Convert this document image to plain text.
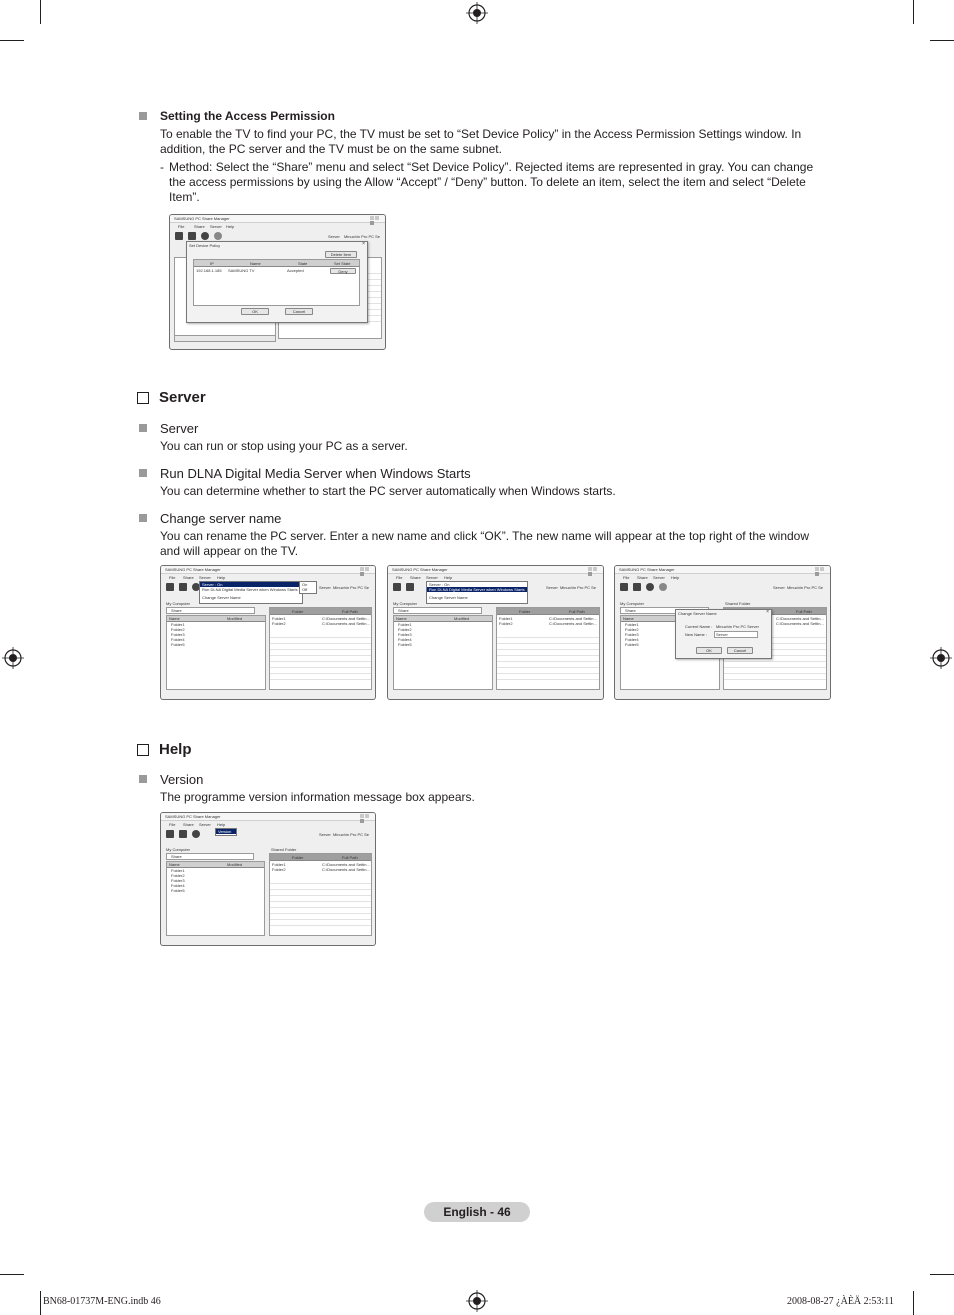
Setting the Access Permission
To enable the TV to find your PC, the TV must be set to “Set Device Policy” in the Access Permission Settings window. In
addition, the PC server and the TV must be on the same subnet.
- Method: Select the “Share” menu and select “Set Device Policy”. Rejected items are represented in gray. You can change
the access permissions by using the Allow “Accept” / “Deny” button. To delete an item, select the item and select “Delete
Item”.
SAMSUNG PC Share Manager
File Share Server Help
Server Minuchin Pro PC Se
Set Device Policy	×
Delete Item
IP	Name	State	Set State
192.168.1.185 SAMSUNG TV	Accepted	Deny
OK	Cancel
Server
Server
You can run or stop using your PC as a server.
Run DLNA Digital Media Server when Windows Starts
You can determine whether to start the PC server automatically when Windows starts.
Change server name
You can rename the PC server. Enter a new name and click “OK”. The new name will appear at the top right of the window
and will appear on the TV.
SAMSUNG PC Share Manager
File Share Server Help
Server Minuchin Pro PC Se
My Computer
Share
Name	Modified
Folder1
Folder2
Folder3
Folder4
Folder5
Folder	Full Path
Folder1	C:\Documents and Settin...
Folder2	C:\Documents and Settin...
Server : On
Run DLNA Digital Media Server when Windows Starts
Change Server Name
On
Off
SAMSUNG PC Share Manager
File Share Server Help
Server Minuchin Pro PC Se
My Computer
Share
Name	Modified
Folder1
Folder2
Folder3
Folder4
Folder5
Folder	Full Path
Folder1	C:\Documents and Settin...
Folder2	C:\Documents and Settin...
Server : On
Run DLNA Digital Media Server when Windows Starts
Change Server Name
SAMSUNG PC Share Manager
File Share Server Help
Server Minuchin Pro PC Se
My Computer	Shared Folder
Share
Name
Folder1
Folder2
Folder3
Folder4
Folder5
Full Path
C:\Documents and Settin...
C:\Documents and Settin...
Change Server Name	×
Current Name : Minuchin Pro PC Server
New Name :	Server
OK	Cancel
Help
Version
The programme version information message box appears.
SAMSUNG PC Share Manager
File Share Server Help
Server Minuchin Pro PC Se
Version
My Computer	Shared Folder
Share
Name	Modified
Folder1
Folder2
Folder3
Folder4
Folder5
Folder	Full Path
Folder1	C:\Documents and Settin...
Folder2	C:\Documents and Settin...
English - 46
BN68-01737M-ENG.indb 46	2008-08-27 ¿ÀÈÄ 2:53:11
